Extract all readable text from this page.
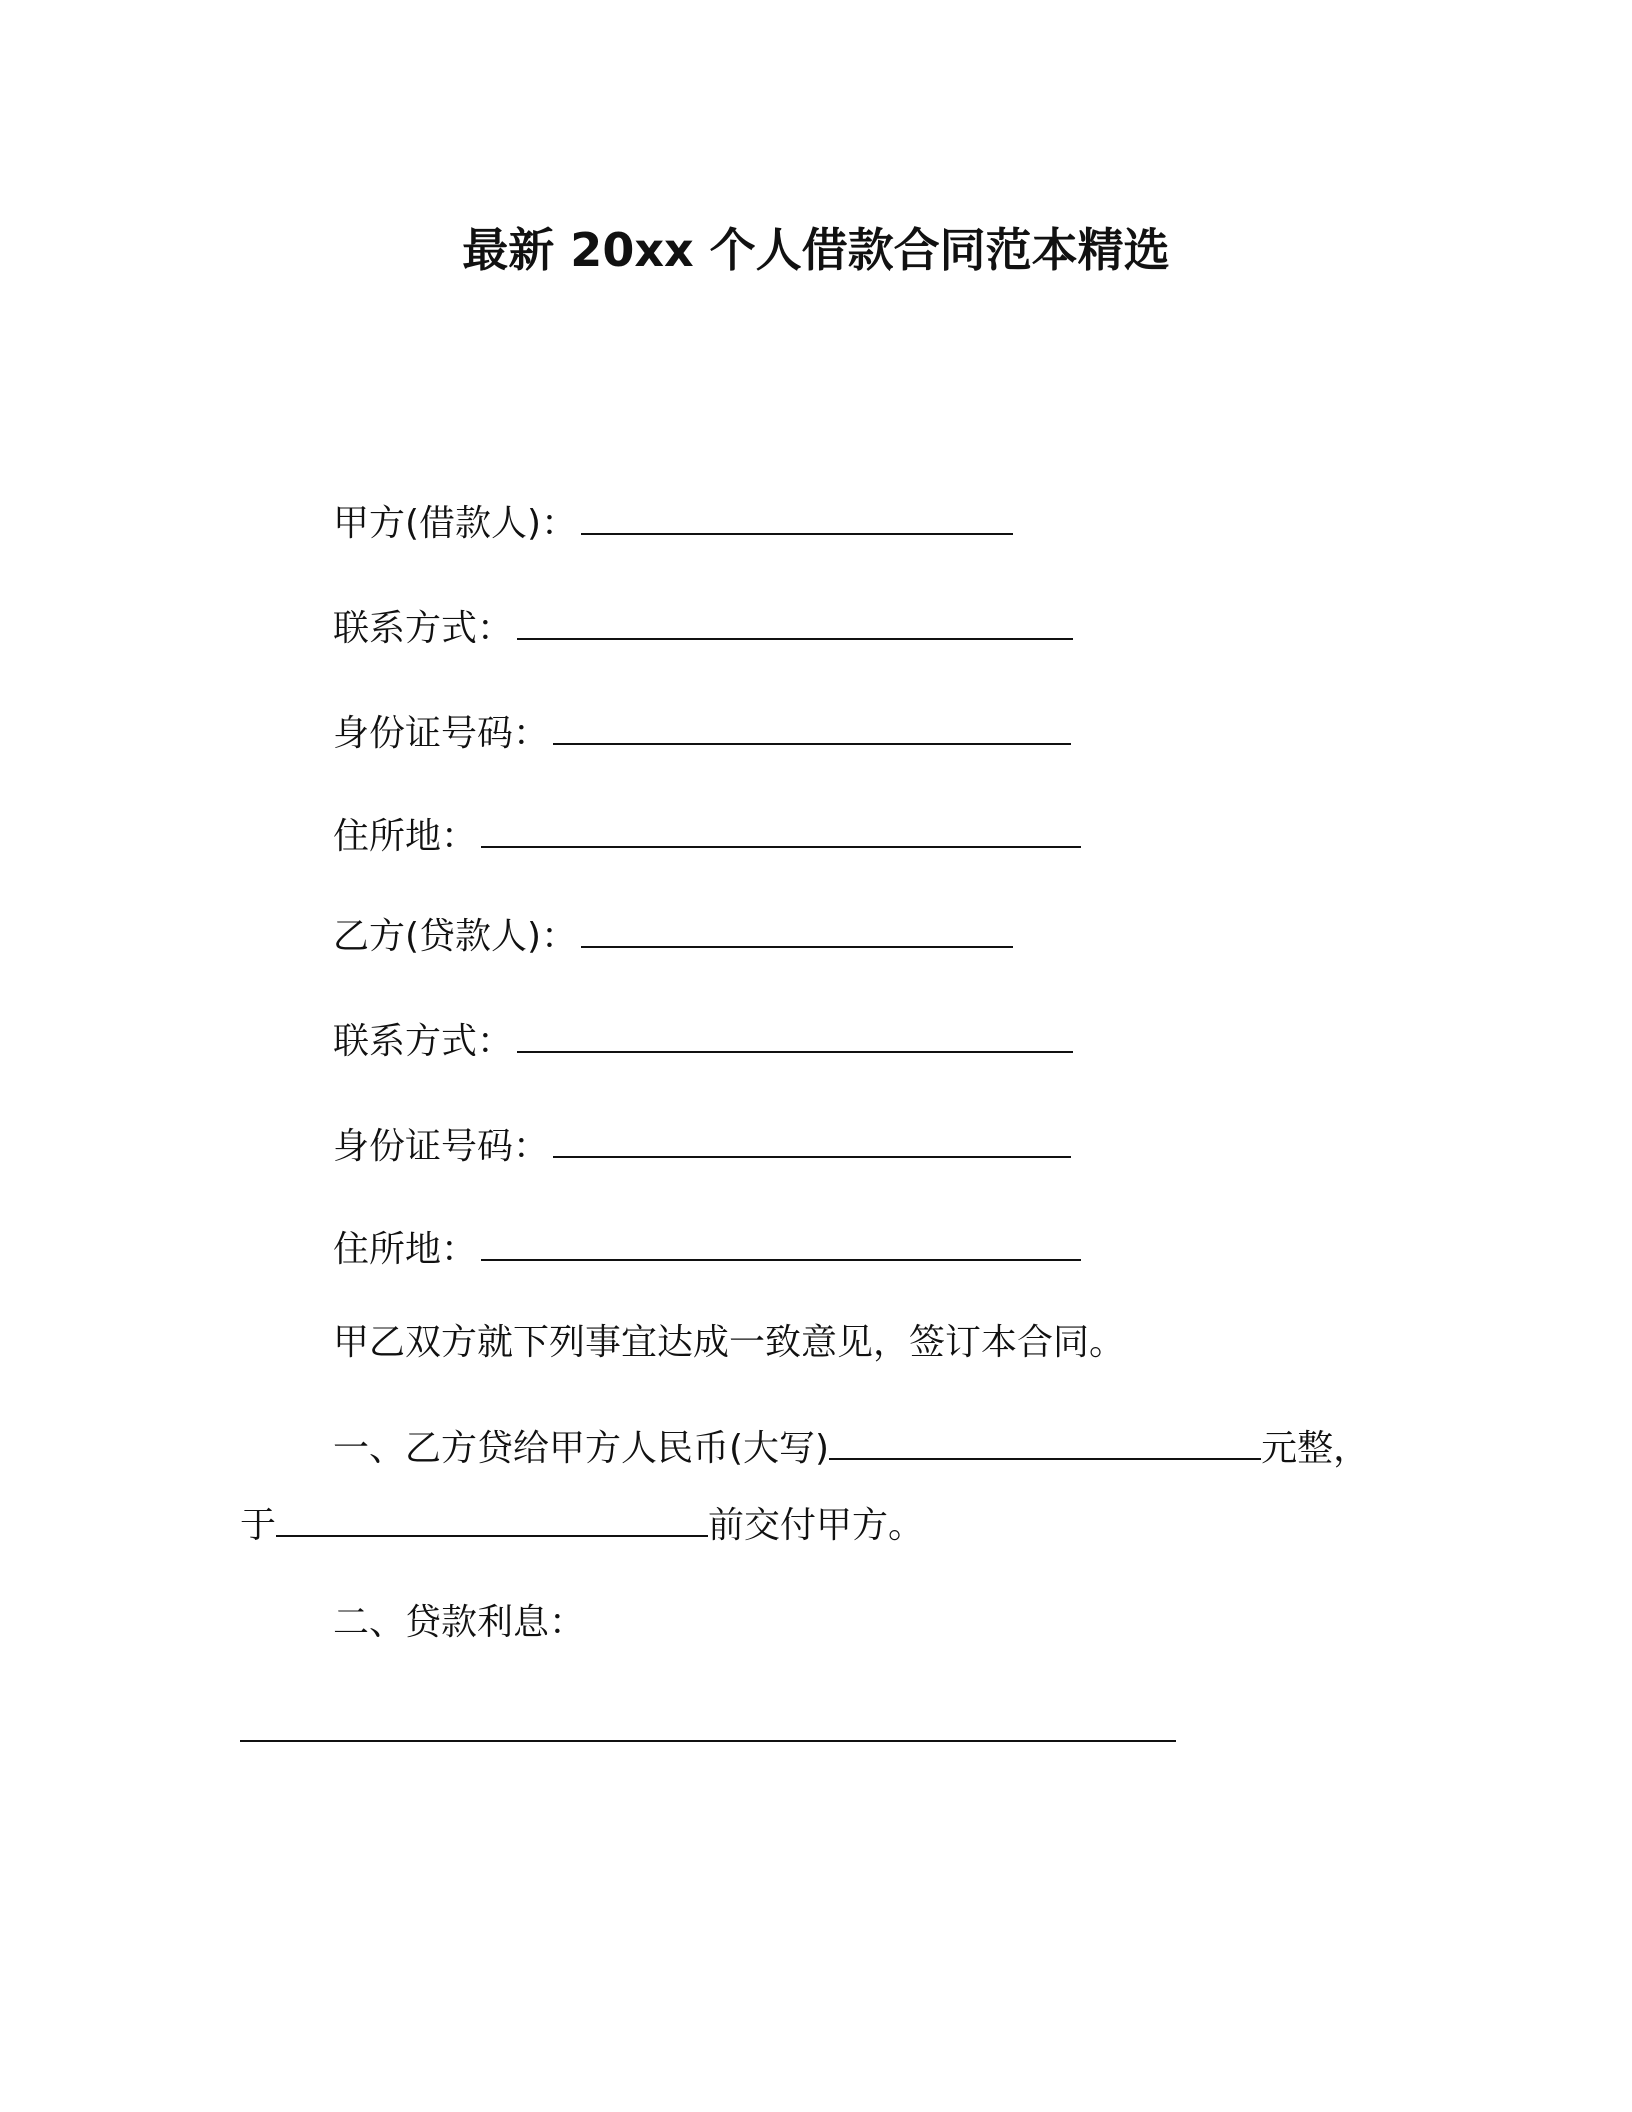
最新 20xx 个人借款合同范本精选
甲方(借款人)：
联系方式：
身份证号码：
住所地：
乙方(贷款人)：
联系方式：
身份证号码：
住所地：
甲乙双方就下列事宜达成一致意见，签订本合同。
一、乙方贷给甲方人民币(大写)	元整，
于	前交付甲方。
二、贷款利息：
